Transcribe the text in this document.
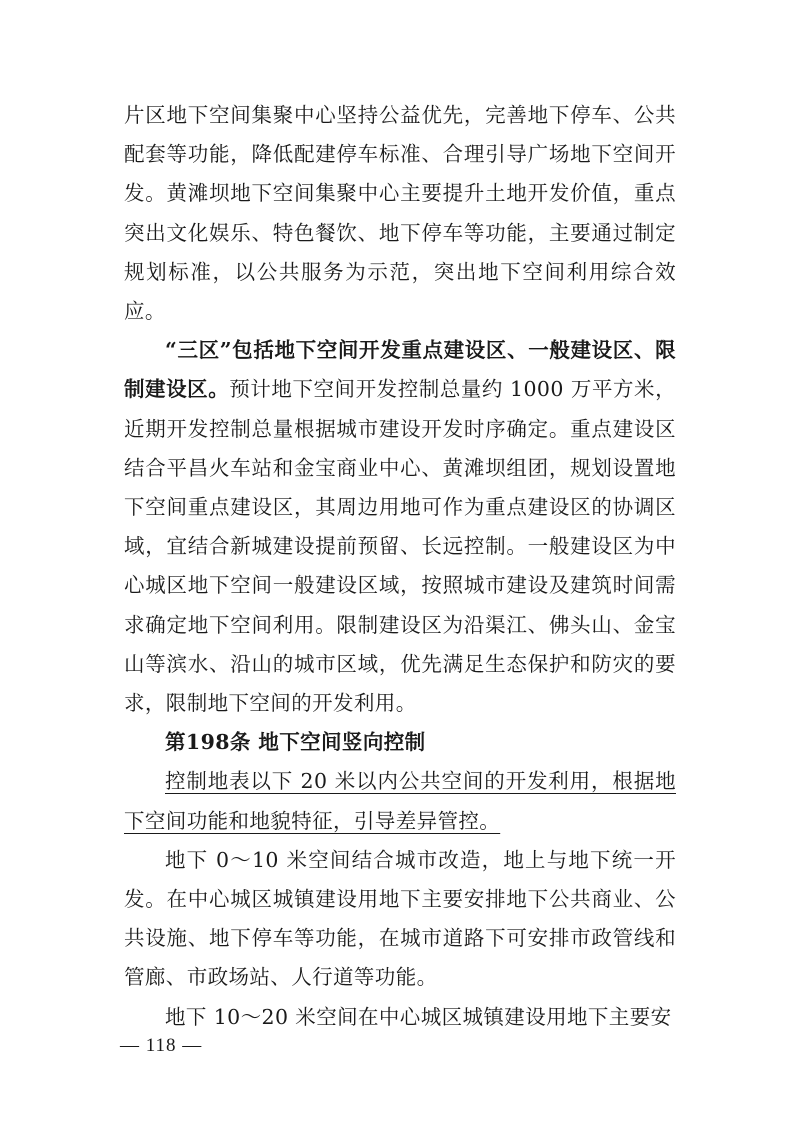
片区地下空间集聚中心坚持公益优先，完善地下停车、公共配套等功能，降低配建停车标准、合理引导广场地下空间开发。黄滩坝地下空间集聚中心主要提升土地开发价值，重点突出文化娱乐、特色餐饮、地下停车等功能，主要通过制定规划标准，以公共服务为示范，突出地下空间利用综合效应。

“三区”包括地下空间开发重点建设区、一般建设区、限制建设区。预计地下空间开发控制总量约 1000 万平方米，近期开发控制总量根据城市建设开发时序确定。重点建设区结合平昌火车站和金宝商业中心、黄滩坝组团，规划设置地下空间重点建设区，其周边用地可作为重点建设区的协调区域，宜结合新城建设提前预留、长远控制。一般建设区为中心城区地下空间一般建设区域，按照城市建设及建筑时间需求确定地下空间利用。限制建设区为沿渠江、佛头山、金宝山等滨水、沿山的城市区域，优先满足生态保护和防灾的要求，限制地下空间的开发利用。

第198条 地下空间竖向控制

控制地表以下 20 米以内公共空间的开发利用，根据地下空间功能和地貌特征，引导差异管控。

地下 0～10 米空间结合城市改造，地上与地下统一开发。在中心城区城镇建设用地下主要安排地下公共商业、公共设施、地下停车等功能，在城市道路下可安排市政管线和管廊、市政场站、人行道等功能。

地下 10～20 米空间在中心城区城镇建设用地下主要安

— 118 —
